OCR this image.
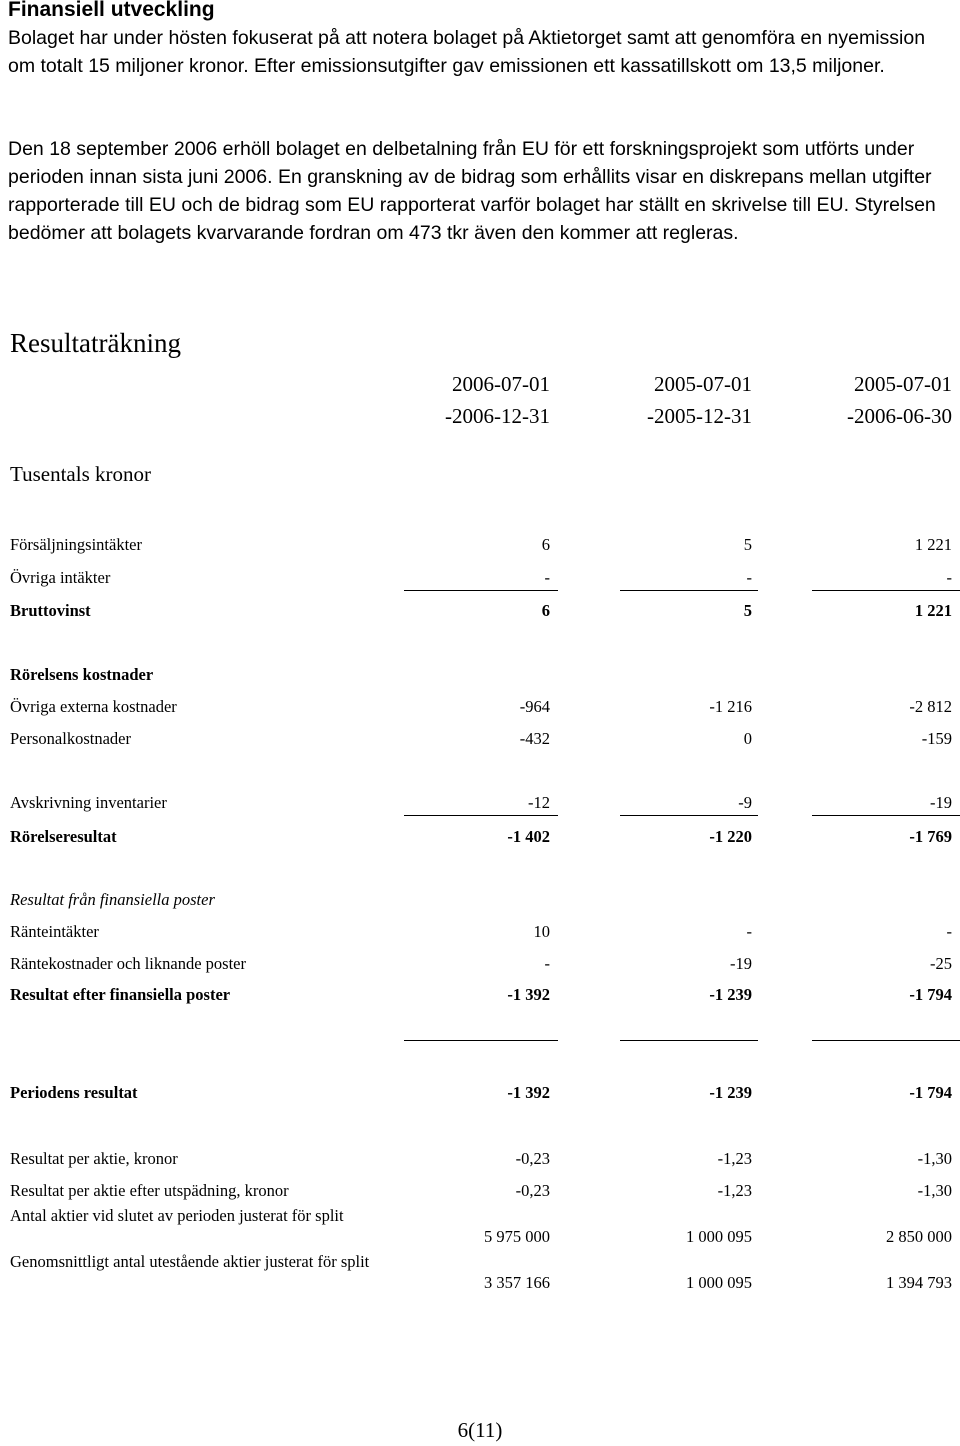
Finansiell utveckling
Bolaget har under hösten fokuserat på att notera bolaget på Aktietorget samt att genomföra en nyemission om totalt 15 miljoner kronor. Efter emissionsutgifter gav emissionen ett kassatillskott om 13,5 miljoner.
Den 18 september 2006 erhöll bolaget en delbetalning från EU för ett forskningsprojekt som utförts under perioden innan sista juni 2006. En granskning av de bidrag som erhållits visar en diskrepans mellan utgifter rapporterade till EU och de bidrag som EU rapporterat varför bolaget har ställt en skrivelse till EU. Styrelsen bedömer att bolagets kvarvarande fordran om 473 tkr även den kommer att regleras.
Resultaträkning
2006-07-01
-2006-12-31
2005-07-01
-2005-12-31
2005-07-01
-2006-06-30
Tusentals kronor
Försäljningsintäkter	6	5	1 221
Övriga intäkter	-	-	-
Bruttovinst	6	5	1 221
Rörelsens kostnader
Övriga externa kostnader	-964	-1 216	-2 812
Personalkostnader	-432	0	-159
Avskrivning inventarier	-12	-9	-19
Rörelseresultat	-1 402	-1 220	-1 769
Resultat från finansiella poster
Ränteintäkter	10	-	-
Räntekostnader och liknande poster	-	-19	-25
Resultat efter finansiella poster	-1 392	-1 239	-1 794
Periodens resultat	-1 392	-1 239	-1 794
Resultat per aktie, kronor	-0,23	-1,23	-1,30
Resultat per aktie efter utspädning, kronor	-0,23	-1,23	-1,30
Antal aktier vid slutet av perioden justerat för split
5 975 000	1 000 095	2 850 000
Genomsnittligt antal utestående aktier justerat för split
3 357 166	1 000 095	1 394 793
6(11)
